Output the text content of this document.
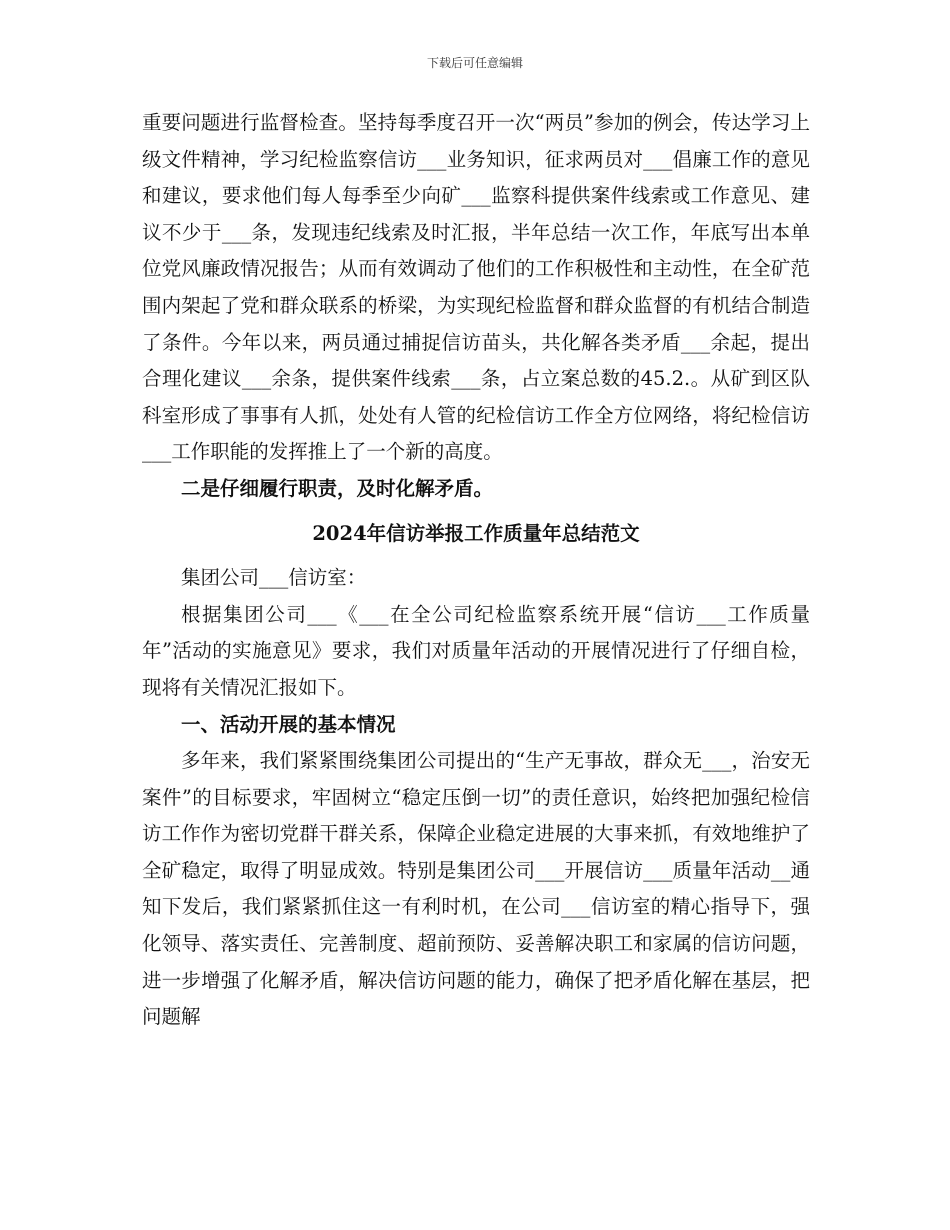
下载后可任意编辑

重要问题进行监督检查。坚持每季度召开一次“两员”参加的例会，传达学习上级文件精神，学习纪检监察信访___业务知识，征求两员对___倡廉工作的意见和建议，要求他们每人每季至少向矿___监察科提供案件线索或工作意见、建议不少于___条，发现违纪线索及时汇报，半年总结一次工作，年底写出本单位党风廉政情况报告；从而有效调动了他们的工作积极性和主动性，在全矿范围内架起了党和群众联系的桥梁，为实现纪检监督和群众监督的有机结合制造了条件。今年以来，两员通过捕捉信访苗头，共化解各类矛盾___余起，提出合理化建议___余条，提供案件线索___条，占立案总数的45.2.。从矿到区队科室形成了事事有人抓，处处有人管的纪检信访工作全方位网络，将纪检信访___工作职能的发挥推上了一个新的高度。

二是仔细履行职责，及时化解矛盾。

2024年信访举报工作质量年总结范文

集团公司___信访室：

根据集团公司___《___在全公司纪检监察系统开展“信访___工作质量年”活动的实施意见》要求，我们对质量年活动的开展情况进行了仔细自检，现将有关情况汇报如下。

一、活动开展的基本情况

多年来，我们紧紧围绕集团公司提出的“生产无事故，群众无___，治安无案件”的目标要求，牢固树立“稳定压倒一切”的责任意识，始终把加强纪检信访工作作为密切党群干群关系，保障企业稳定进展的大事来抓，有效地维护了全矿稳定，取得了明显成效。特别是集团公司___开展信访___质量年活动__通知下发后，我们紧紧抓住这一有利时机，在公司___信访室的精心指导下，强化领导、落实责任、完善制度、超前预防、妥善解决职工和家属的信访问题，进一步增强了化解矛盾，解决信访问题的能力，确保了把矛盾化解在基层，把问题解
